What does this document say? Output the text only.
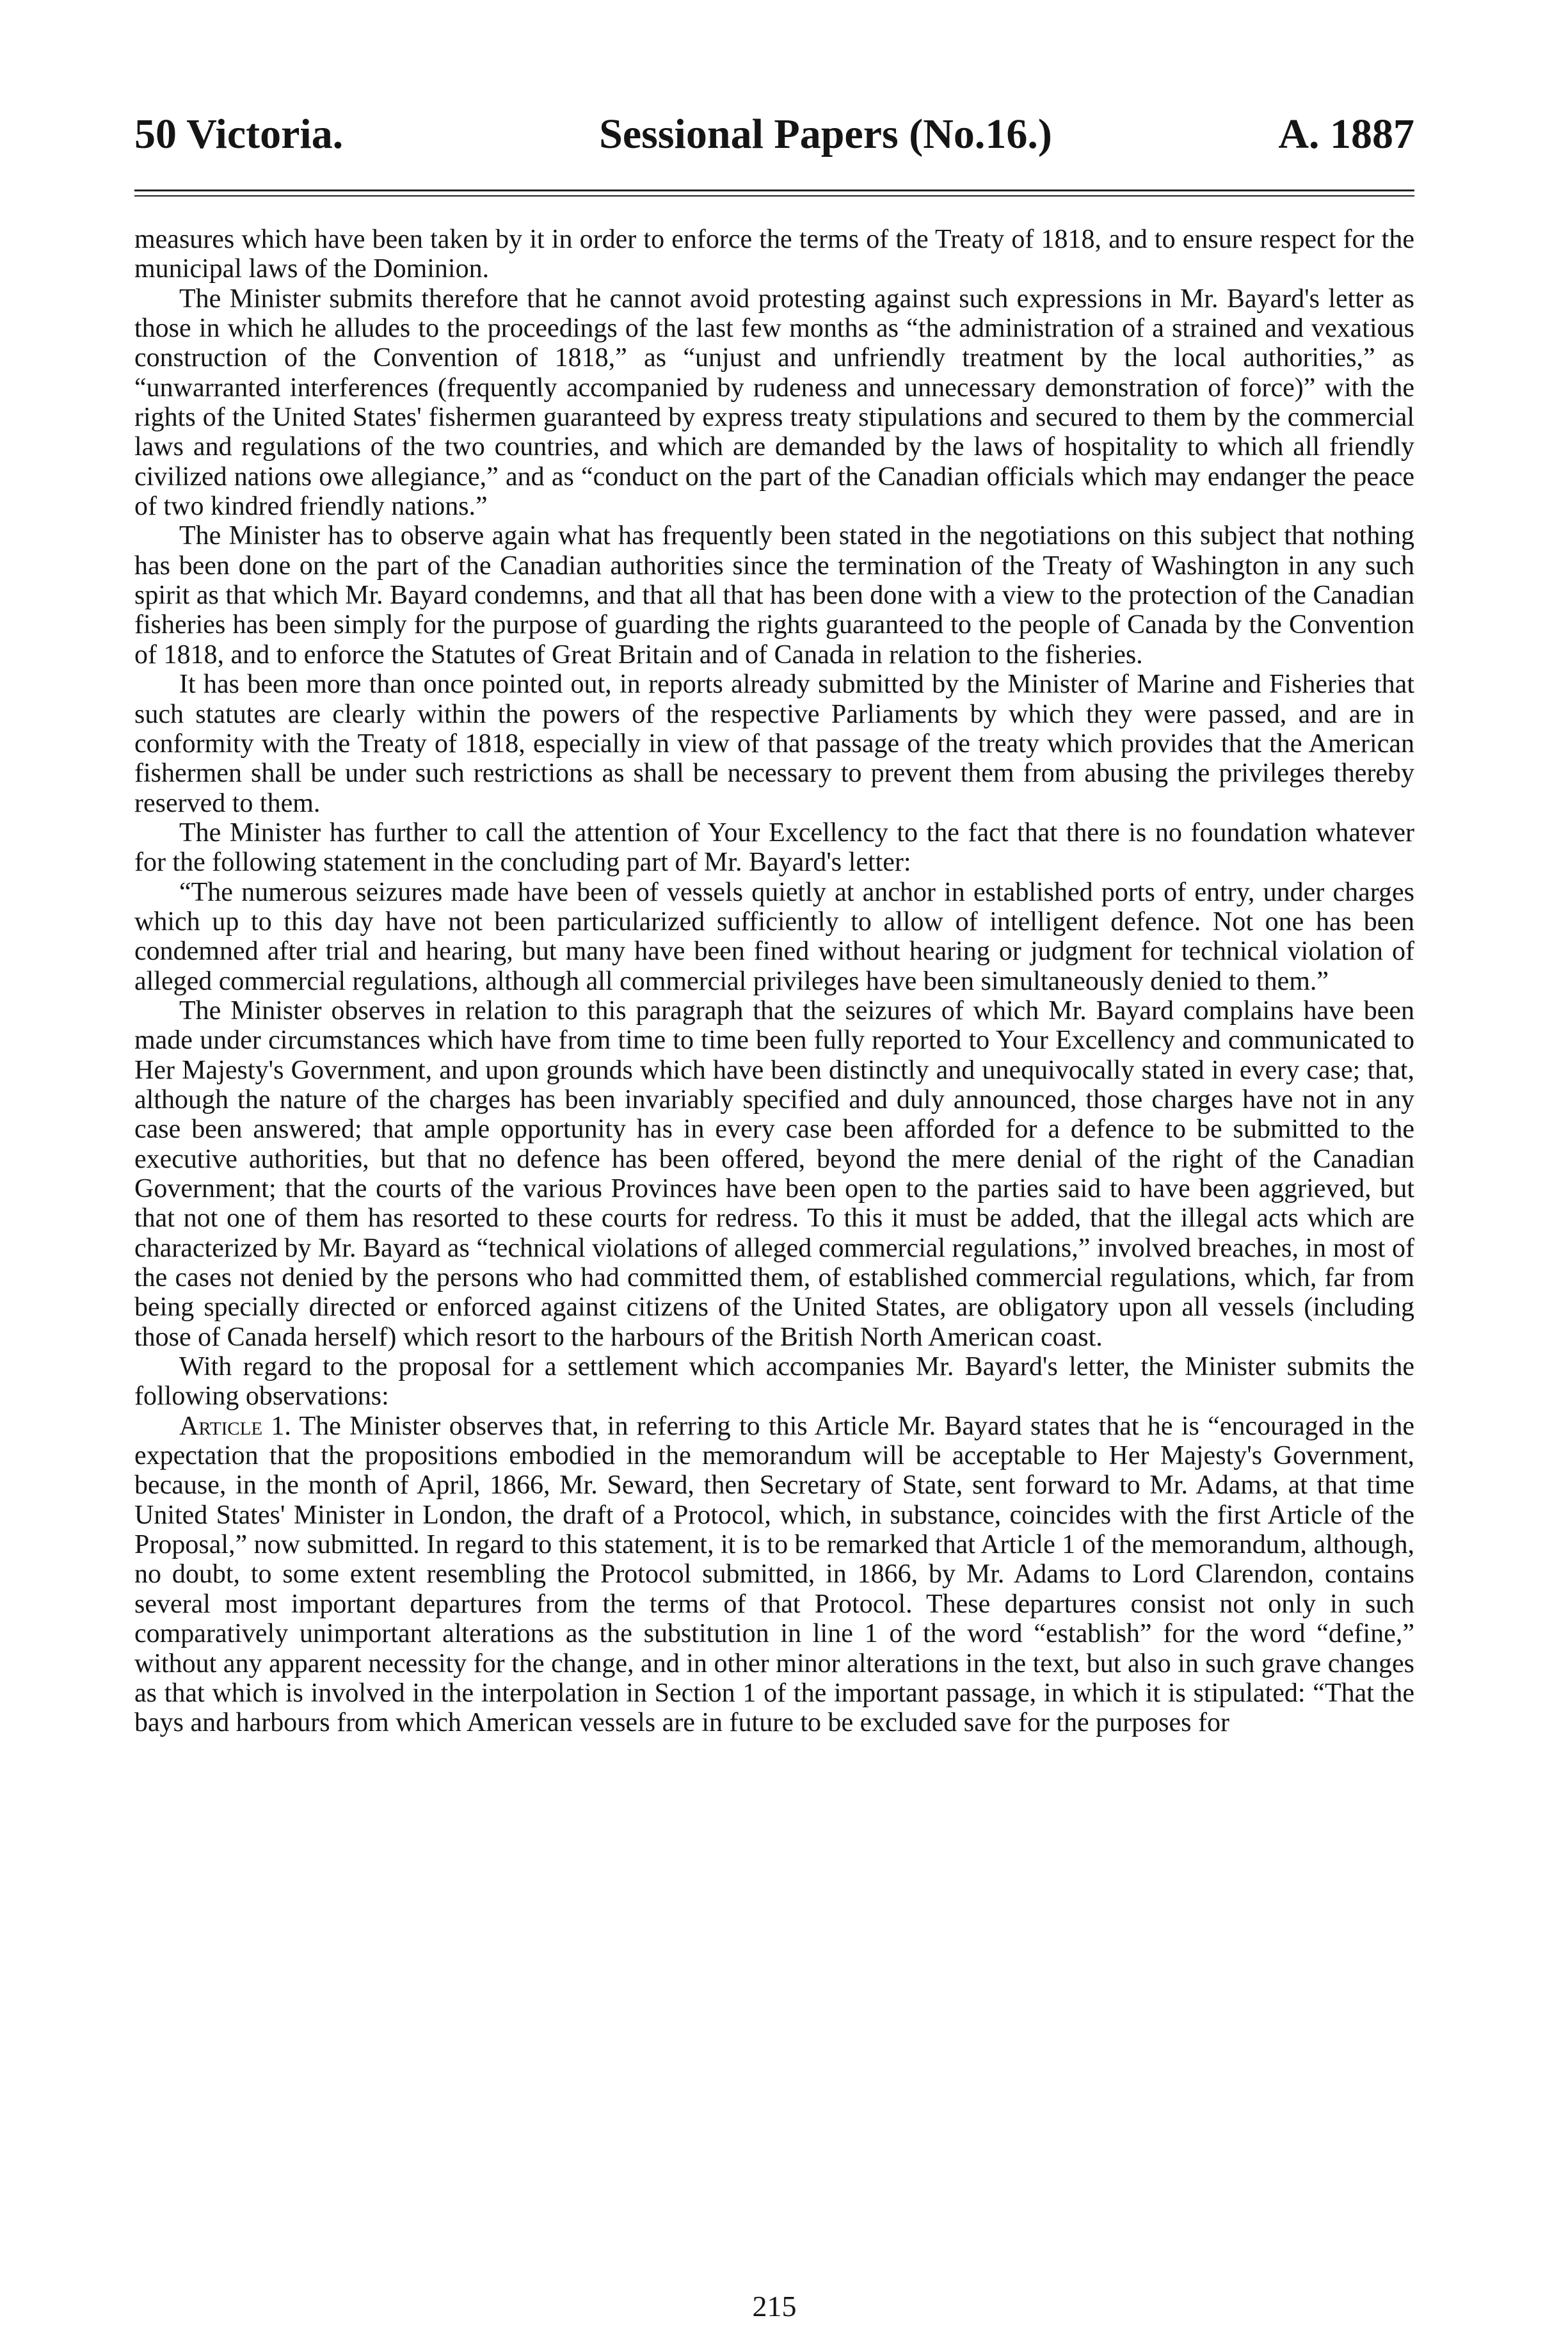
50 Victoria.	Sessional Papers (No.16.)	A. 1887

measures which have been taken by it in order to enforce the terms of the Treaty of 1818, and to ensure respect for the municipal laws of the Dominion.

The Minister submits therefore that he cannot avoid protesting against such expressions in Mr. Bayard's letter as those in which he alludes to the proceedings of the last few months as “the administration of a strained and vexatious construction of the Convention of 1818,” as “unjust and unfriendly treatment by the local authorities,” as “unwarranted interferences (frequently accompanied by rudeness and unnecessary demonstration of force)” with the rights of the United States' fishermen guaranteed by express treaty stipulations and secured to them by the commercial laws and regulations of the two countries, and which are demanded by the laws of hospitality to which all friendly civilized nations owe allegiance,” and as “conduct on the part of the Canadian officials which may endanger the peace of two kindred friendly nations.”

The Minister has to observe again what has frequently been stated in the negotiations on this subject that nothing has been done on the part of the Canadian authorities since the termination of the Treaty of Washington in any such spirit as that which Mr. Bayard condemns, and that all that has been done with a view to the protection of the Canadian fisheries has been simply for the purpose of guarding the rights guaranteed to the people of Canada by the Convention of 1818, and to enforce the Statutes of Great Britain and of Canada in relation to the fisheries.

It has been more than once pointed out, in reports already submitted by the Minister of Marine and Fisheries that such statutes are clearly within the powers of the respective Parliaments by which they were passed, and are in conformity with the Treaty of 1818, especially in view of that passage of the treaty which provides that the American fishermen shall be under such restrictions as shall be necessary to prevent them from abusing the privileges thereby reserved to them.

The Minister has further to call the attention of Your Excellency to the fact that there is no foundation whatever for the following statement in the concluding part of Mr. Bayard's letter:

“The numerous seizures made have been of vessels quietly at anchor in established ports of entry, under charges which up to this day have not been particularized sufficiently to allow of intelligent defence. Not one has been condemned after trial and hearing, but many have been fined without hearing or judgment for technical violation of alleged commercial regulations, although all commercial privileges have been simultaneously denied to them.”

The Minister observes in relation to this paragraph that the seizures of which Mr. Bayard complains have been made under circumstances which have from time to time been fully reported to Your Excellency and communicated to Her Majesty's Government, and upon grounds which have been distinctly and unequivocally stated in every case; that, although the nature of the charges has been invariably specified and duly announced, those charges have not in any case been answered; that ample opportunity has in every case been afforded for a defence to be submitted to the executive authorities, but that no defence has been offered, beyond the mere denial of the right of the Canadian Government; that the courts of the various Provinces have been open to the parties said to have been aggrieved, but that not one of them has resorted to these courts for redress. To this it must be added, that the illegal acts which are characterized by Mr. Bayard as “technical violations of alleged commercial regulations,” involved breaches, in most of the cases not denied by the persons who had committed them, of established commercial regulations, which, far from being specially directed or enforced against citizens of the United States, are obligatory upon all vessels (including those of Canada herself) which resort to the harbours of the British North American coast.

With regard to the proposal for a settlement which accompanies Mr. Bayard's letter, the Minister submits the following observations:

Article 1. The Minister observes that, in referring to this Article Mr. Bayard states that he is “encouraged in the expectation that the propositions embodied in the memorandum will be acceptable to Her Majesty's Government, because, in the month of April, 1866, Mr. Seward, then Secretary of State, sent forward to Mr. Adams, at that time United States' Minister in London, the draft of a Protocol, which, in substance, coincides with the first Article of the Proposal,” now submitted. In regard to this statement, it is to be remarked that Article 1 of the memorandum, although, no doubt, to some extent resembling the Protocol submitted, in 1866, by Mr. Adams to Lord Clarendon, contains several most important departures from the terms of that Protocol. These departures consist not only in such comparatively unimportant alterations as the substitution in line 1 of the word “establish” for the word “define,” without any apparent necessity for the change, and in other minor alterations in the text, but also in such grave changes as that which is involved in the interpolation in Section 1 of the important passage, in which it is stipulated: “That the bays and harbours from which American vessels are in future to be excluded save for the purposes for

215
